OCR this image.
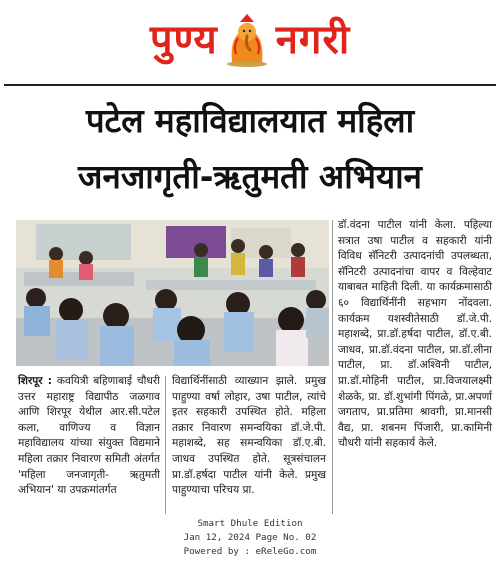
पुण्य नगरी
पटेल महाविद्यालयात महिला
जनजागृती-ऋतुमती अभियान

डॉ.वंदना पाटील यांनी केला. पहिल्या सत्रात उषा पाटील व सहकारी यांनी विविध सॅनिटरी उत्पादनांची उपलब्धता, सॅनिटरी उत्पादनांचा वापर व विल्हेवाट याबाबत माहिती दिली. या कार्यक्रमासाठी ६० विद्यार्थिनींनी सहभाग नोंदवला. कार्यक्रम यशस्वीतेसाठी डॉ.जे.पी. महाशब्दे, प्रा.डॉ.हर्षदा पाटील, डॉ.ए.बी. जाधव, प्रा.डॉ.वंदना पाटील, प्रा.डॉ.लीना पाटील, प्रा. डॉ.अश्विनी पाटील, प्रा.डॉ.मोहिनी पाटील, प्रा.विजयालक्ष्मी शेळके, प्रा. डॉ.शुभांगी पिंगळे, प्रा.अपर्णा जगताप, प्रा.प्रतिमा श्रावगी, प्रा.मानसी वैद्य, प्रा. शबनम पिंजारी, प्रा.कामिनी चौधरी यांनी सहकार्य केले.

शिरपूर : कवयित्री बहिणाबाई चौधरी उत्तर महाराष्ट्र विद्यापीठ जळगाव आणि शिरपूर येथील आर.सी.पटेल कला, वाणिज्य व विज्ञान महाविद्यालय यांच्या संयुक्त विद्यमाने महिला तक्रार निवारण समिती अंतर्गत 'महिला जनजागृती- ऋतुमती अभियान' या उपक्रमांतर्गत

विद्यार्थिनींसाठी व्याख्यान झाले. प्रमुख पाहुण्या वर्षा लोहार, उषा पाटील, त्यांचे इतर सहकारी उपस्थित होते. महिला तक्रार निवारण समन्वयिका डॉ.जे.पी. महाशब्दे, सह समन्वयिका डॉ.ए.बी. जाधव उपस्थित होते. सूत्रसंचालन प्रा.डॉ.हर्षदा पाटील यांनी केले. प्रमुख पाहुण्याचा परिचय प्रा.

Smart Dhule Edition
Jan 12, 2024 Page No. 02
Powered by : eReleGo.com
